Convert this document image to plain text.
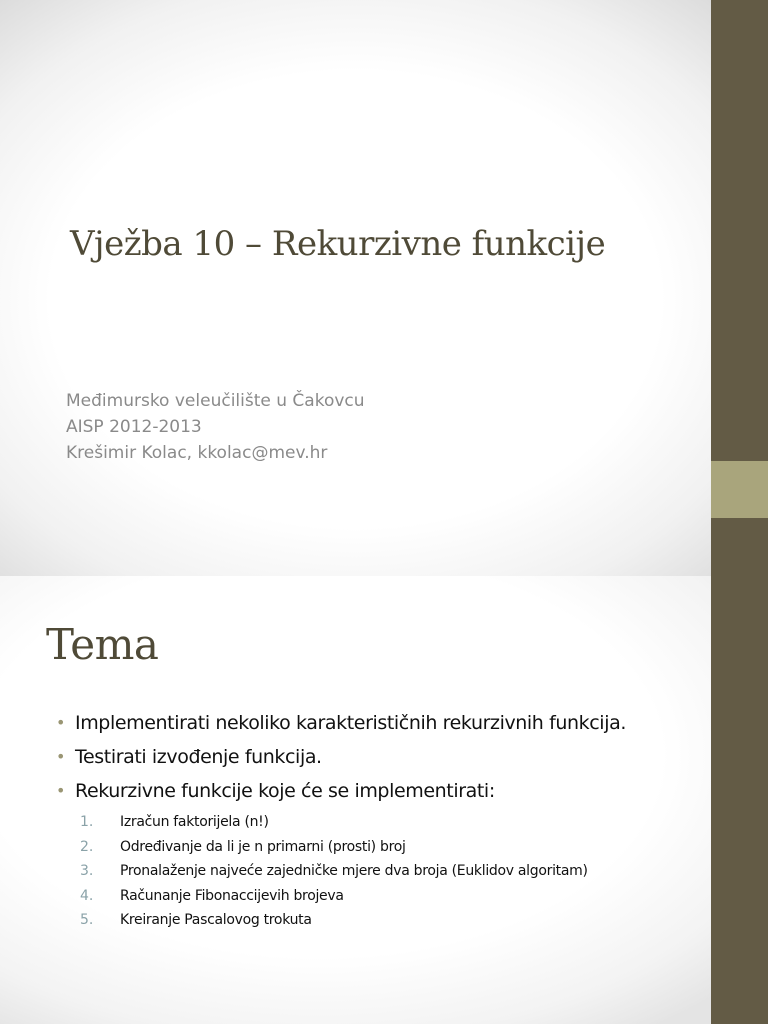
Vježba 10 – Rekurzivne funkcije
Međimursko veleučilište u Čakovcu
AISP 2012-2013
Krešimir Kolac, kkolac@mev.hr
Tema
• Implementirati nekoliko karakterističnih rekurzivnih funkcija.
• Testirati izvođenje funkcija.
• Rekurzivne funkcije koje će se implementirati:
1.	Izračun faktorijela (n!)
2.	Određivanje da li je n primarni (prosti) broj
3.	Pronalaženje najveće zajedničke mjere dva broja (Euklidov algoritam)
4.	Računanje Fibonaccijevih brojeva
5.	Kreiranje Pascalovog trokuta
